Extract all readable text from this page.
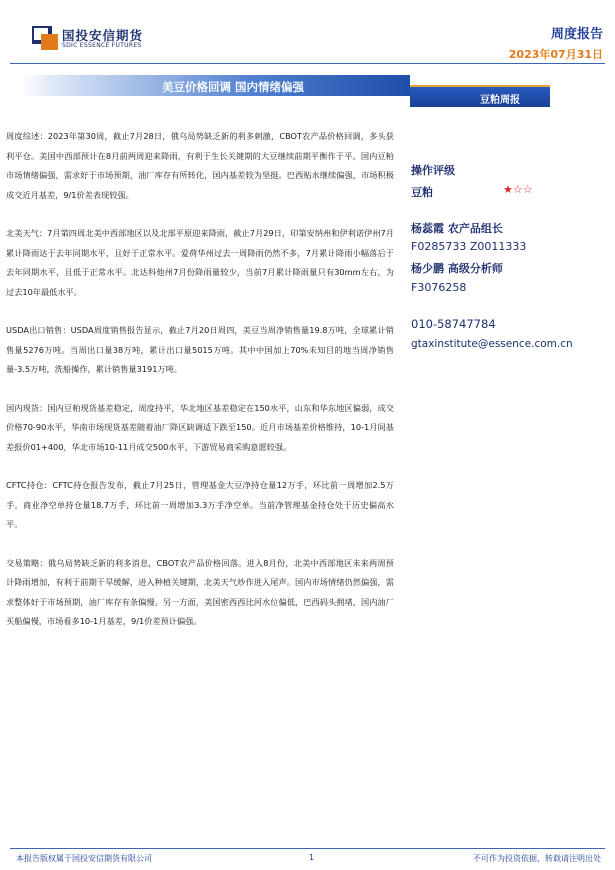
国投安信期货
SDIC ESSENCE FUTURES
周度报告
2023年07月31日
美豆价格回调 国内情绪偏强
豆粕周报

周度综述：2023年第30周，截止7月28日，俄乌局势缺乏新的利多刺激，CBOT农产品价格回调，多头获利平仓。美国中西部预计在8月前两周迎来降雨，有利于生长关键期的大豆继续前期平衡作于平。国内豆粕市场情绪偏强，需求好于市场预期，油厂库存有所转化，国内基差较为坚挺。巴西贴水继续偏强，市场积极成交近月基差，9/1价差表现较强。

北美天气：7月第四周北美中西部地区以及北部平原迎来降雨，截止7月29日，印第安纳州和伊利诺伊州7月累计降雨达于去年同期水平，且好于正常水平。爱荷华州过去一周降雨仍然不多，7月累计降雨小幅落后于去年同期水平，且低于正常水平。北达科他州7月份降雨量较少，当前7月累计降雨量只有30mm左右，为过去10年最低水平。

USDA出口销售：USDA周度销售报告显示，截止7月20日周四，美豆当周净销售量19.8万吨，全球累计销售量5276万吨。当周出口量38万吨，累计出口量5015万吨。其中中国加上70%未知目的地当周净销售量-3.5万吨，洗船操作，累计销售量3191万吨。

国内现货：国内豆粕现货基差稳定，周度持平，华北地区基差稳定在150水平，山东和华东地区偏弱，成交价格70-90水平，华南市场现货基差随着油厂降区缺调适下跌至150。近月市场基差价格维持，10-1月间基差报价01+400，华北市场10-11月成交500水平，下游贸易商采购意愿较强。

CFTC持仓：CFTC持仓报告发布，截止7月25日，管理基金大豆净持仓量12万手，环比前一周增加2.5万手。商业净空单持仓量18.7万手，环比前一周增加3.3万手净空单。当前净管理基金持仓处于历史偏高水平。

交易策略：俄乌局势缺乏新的利多消息，CBOT农产品价格回落。进入8月份，北美中西部地区未来两周预计降雨增加，有利于前期干旱缓解，进入种植关键期，北美天气炒作进入尾声。国内市场情绪仍然偏强，需求整体好于市场预期，油厂库存有条偏慢。另一方面，美国密西西比河水位偏低，巴西码头拥堵，国内油厂买船偏慢，市场看多10-1月基差，9/1价差预计偏强。

操作评级
豆粕	★☆☆
杨蕊霞 农产品组长
F0285733 Z0011333
杨少鹏 高级分析师
F3076258
010-58747784
gtaxinstitute@essence.com.cn
本报告版权属于国投安信期货有限公司	1	不可作为投资依据，转载请注明出处
